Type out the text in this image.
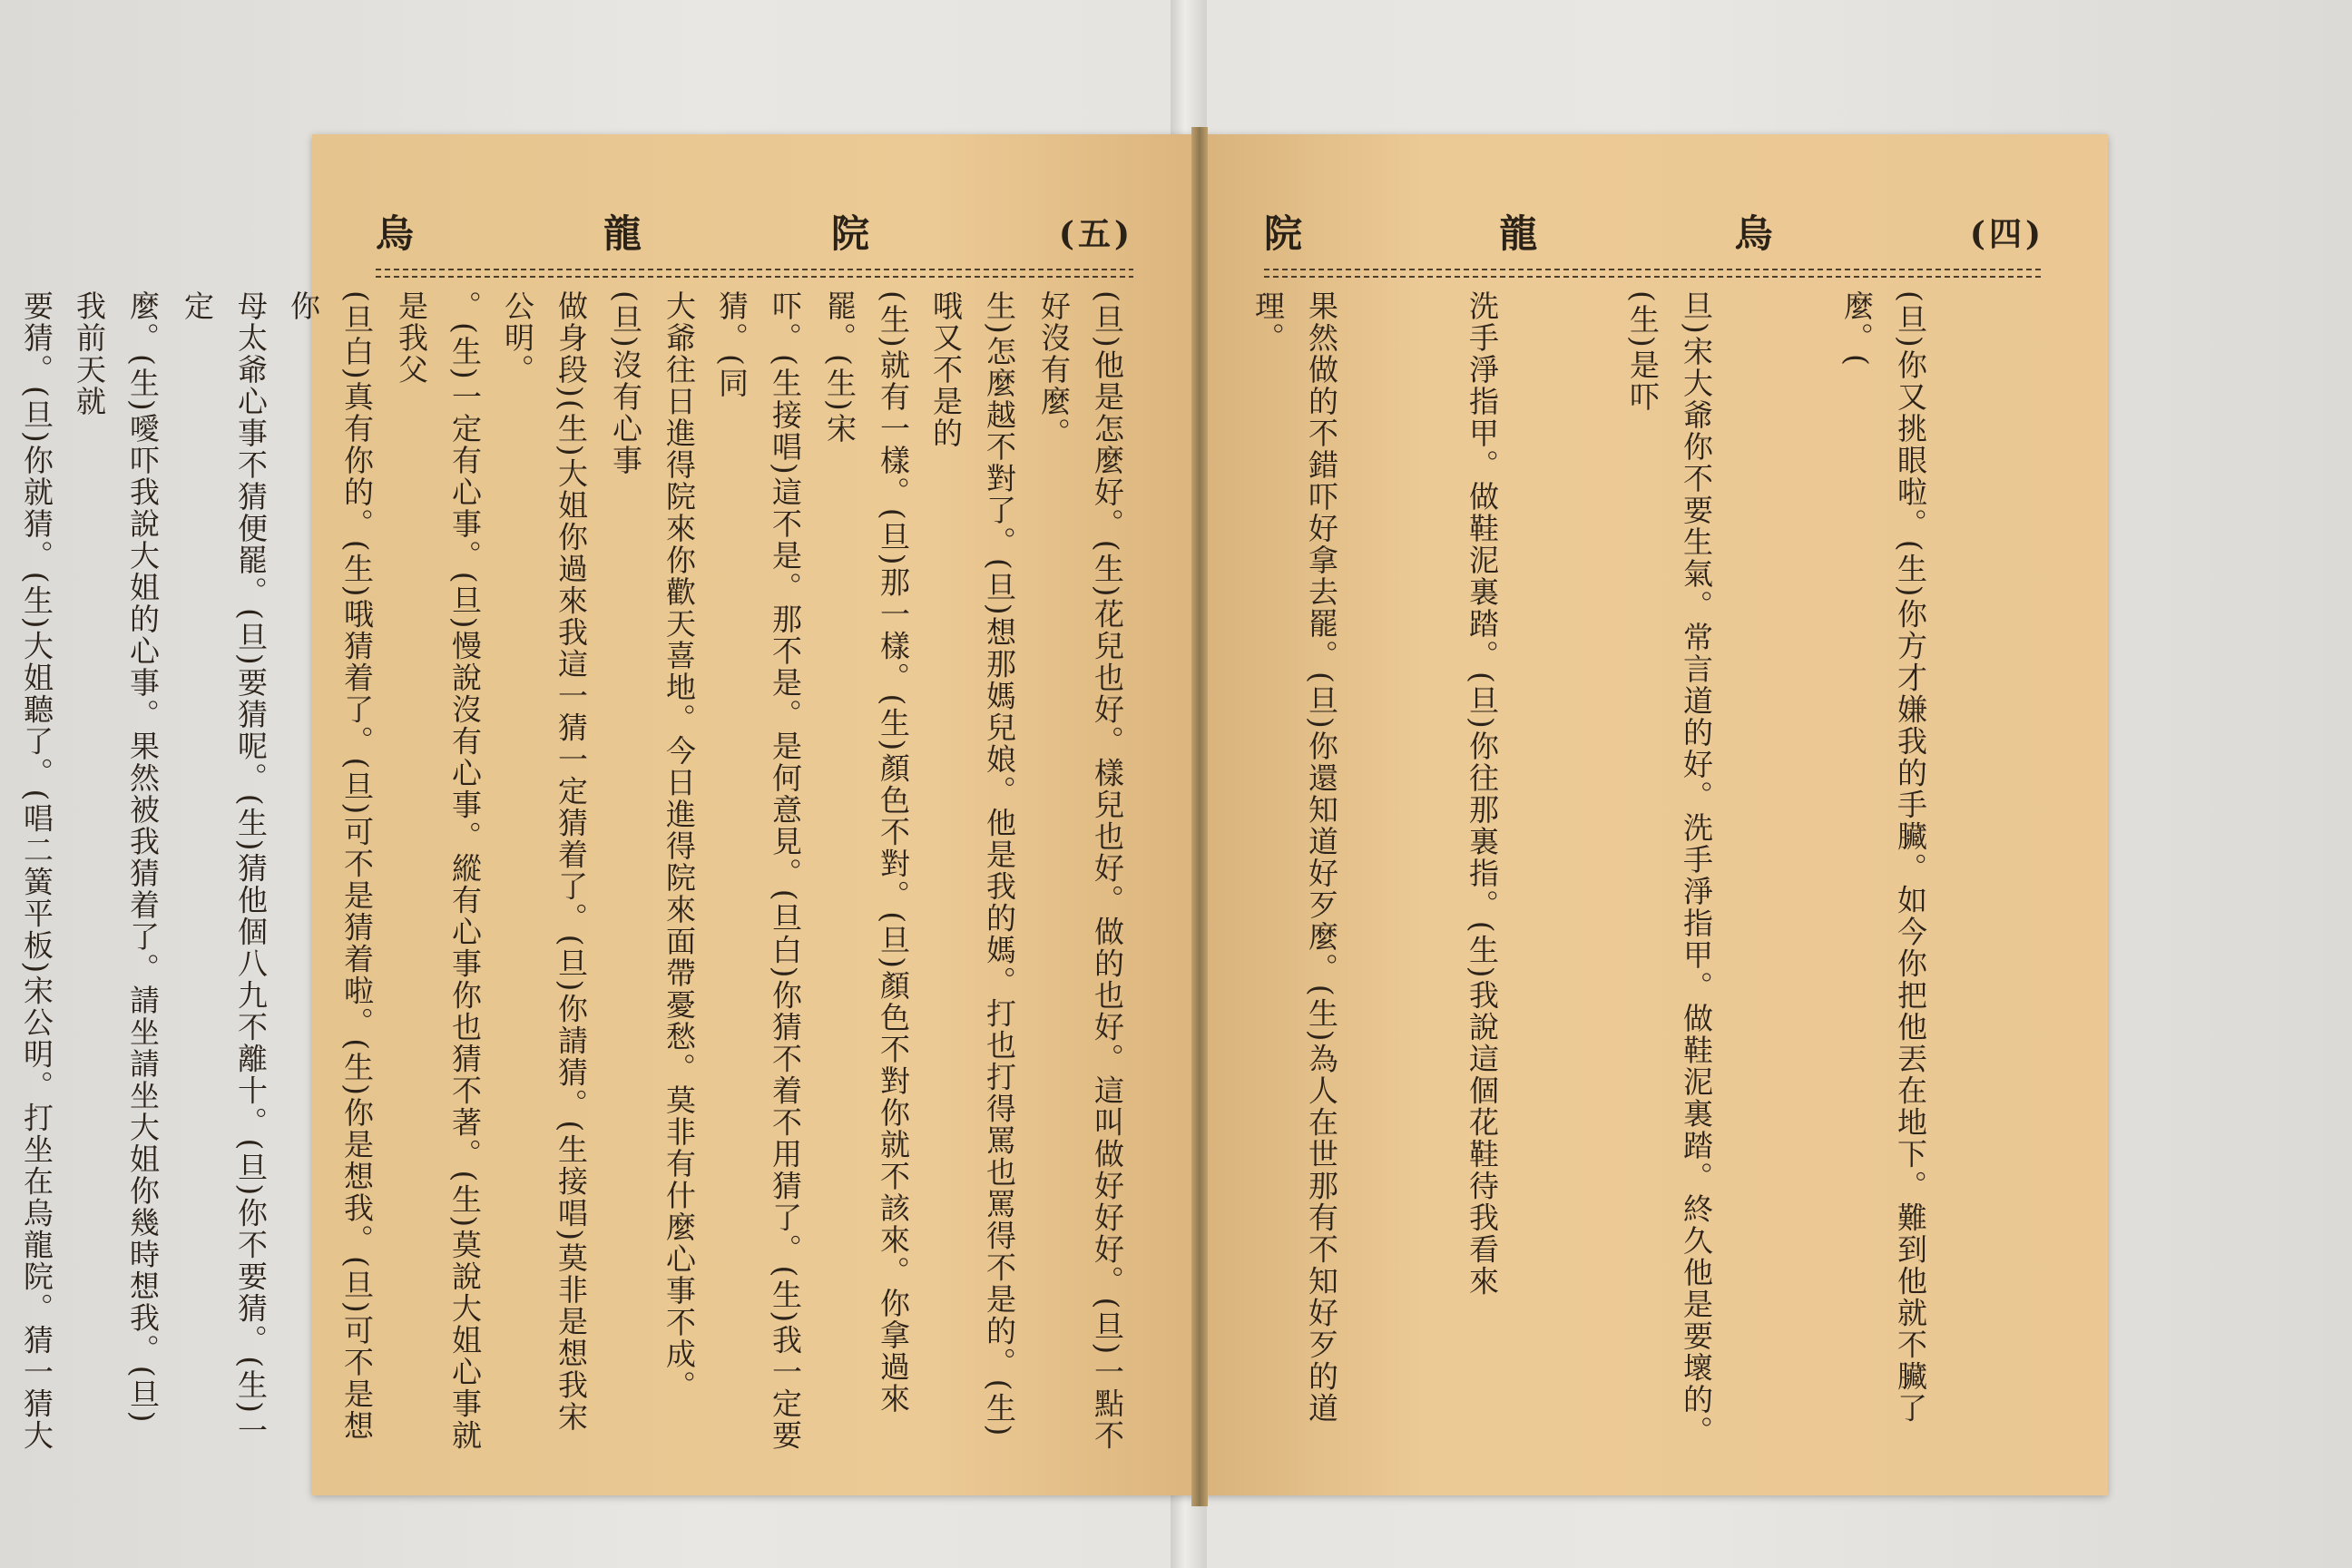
(五)
院
龍
烏

生)怎麼越不對了。(旦)想那媽兒娘。他是我的媽。打也打得罵也罵得不是的。(生)哦又不是的

吓。(生接唱)這不是。那不是。是何意見。(旦白)你猜不着不用猜了。(生)我一定要猜。(同

做身段)(生)大姐你過來我這一猜一定猜着了。(旦)你請猜。(生接唱)莫非是想我宋公明。

(旦白)真有你的。(生)哦猜着了。(旦)可不是猜着啦。(生)你是想我。(旦)可不是想你

麼。(生)噯吓我說大姐的心事。果然被我猜着了。請坐請坐大姐你幾時想我。(旦)我前天就

(四)
烏
龍
院

(旦)你又挑眼啦。(生)你方才嫌我的手臟。如今你把他丟在地下。難到他就不臟了麼。(

旦)宋大爺你不要生氣。常言道的好。洗手淨指甲。做鞋泥裏踏。終久他是要壞的。(生)是吓

洗手淨指甲。做鞋泥裏踏。(旦)你往那裏指。(生)我說這個花鞋待我看來

果然做的不錯吓好拿去罷。(旦)你還知道好歹麼。(生)為人在世那有不知好歹的道理。

(旦)他是怎麼好。(生)花兒也好。樣兒也好。做的也好。這叫做好好好。(旦)一點不好沒有麼。

(生)就有一樣。(旦)那一樣。(生)顏色不對。(旦)顏色不對你就不該來。你拿過來罷。(生)宋

大爺往日進得院來你歡天喜地。今日進得院來面帶憂愁。莫非有什麼心事不成。(旦)沒有心事

。(生)一定有心事。(旦)慢說沒有心事。縱有心事你也猜不著。(生)莫說大姐心事就是我父

母太爺心事不猜便罷。(旦)要猜呢。(生)猜他個八九不離十。(旦)你不要猜。(生)一定

要猜。(旦)你就猜。(生)大姐聽了。(唱二簧平板)宋公明。打坐在烏龍院。猜一猜大
